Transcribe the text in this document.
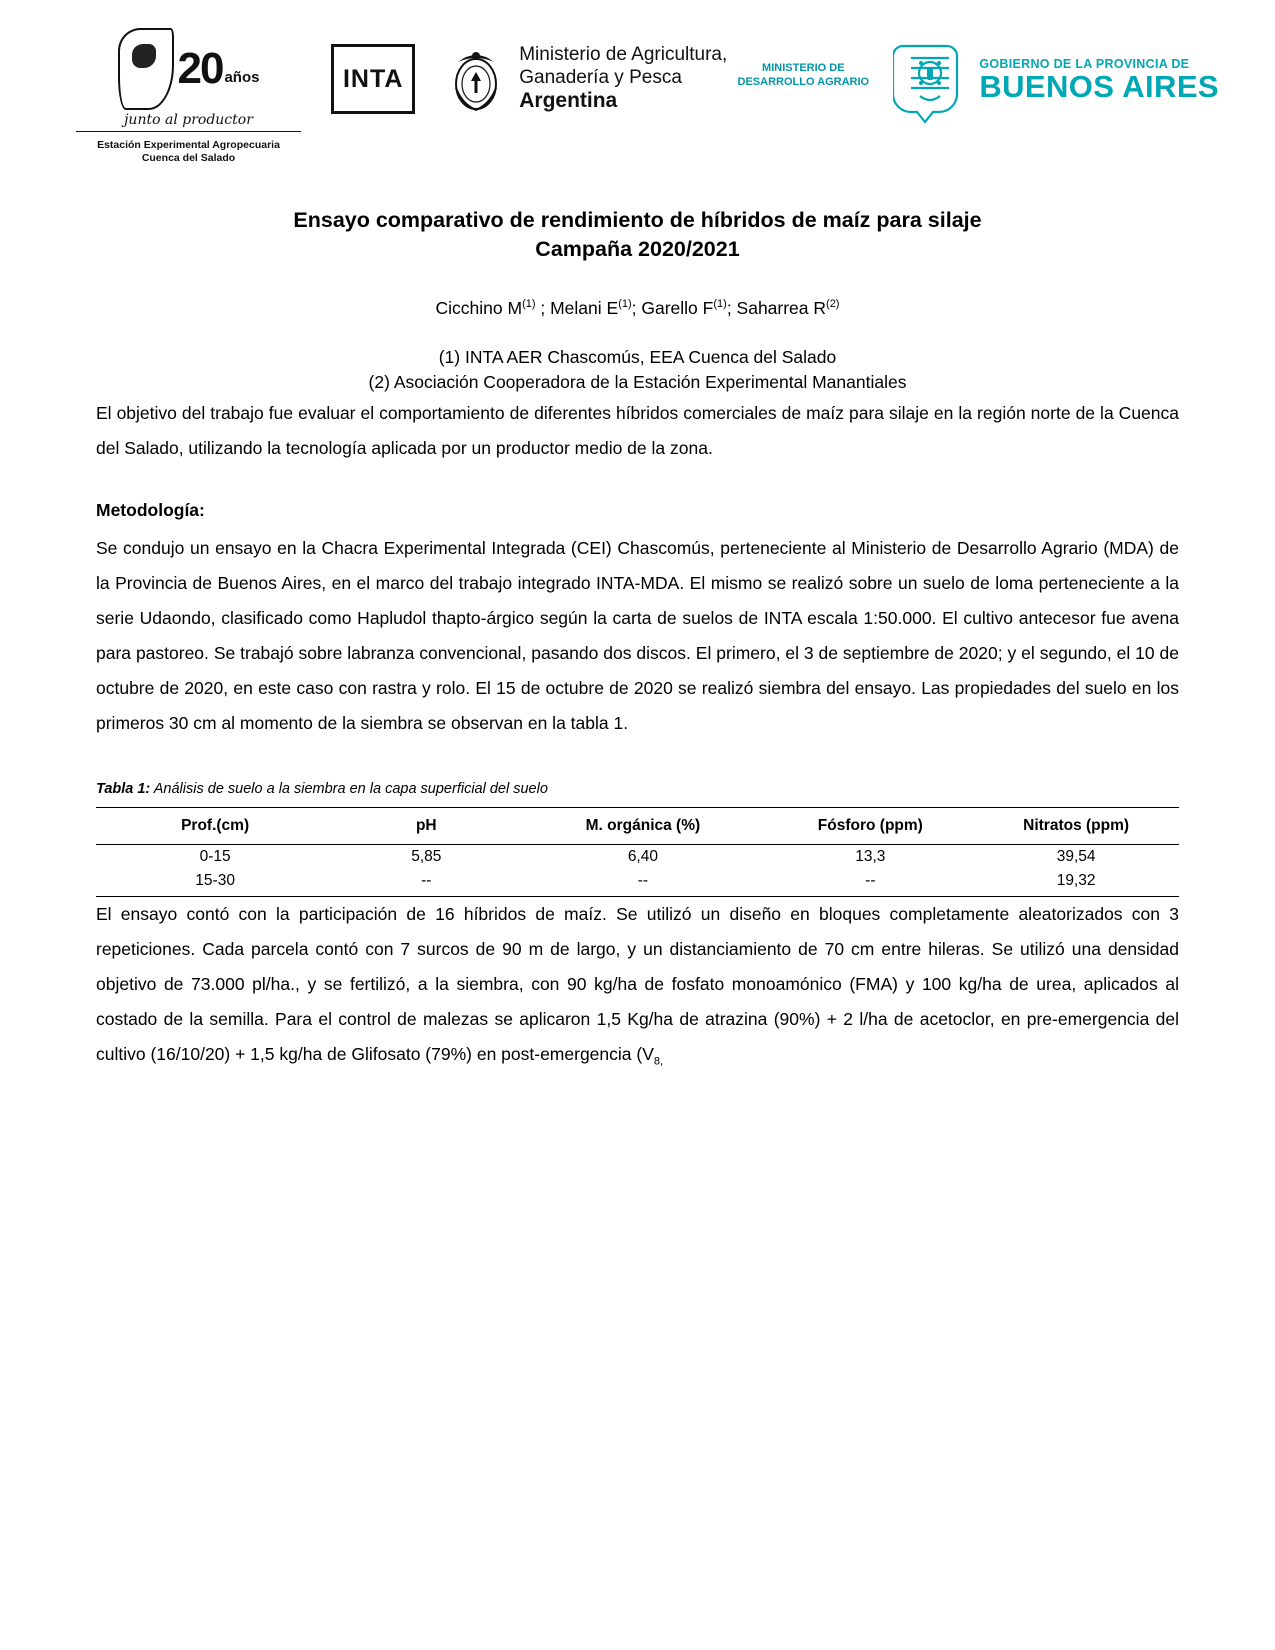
20 años
junto al productor
Estación Experimental Agropecuaria
Cuenca del Salado
INTA
Ministerio de Agricultura,
Ganadería y Pesca
Argentina
MINISTERIO DE
DESARROLLO AGRARIO
GOBIERNO DE LA PROVINCIA DE
BUENOS AIRES
Ensayo comparativo de rendimiento de híbridos de maíz para silaje
Campaña 2020/2021
Cicchino $M^{(1)}$ ; Melani $E^{(1)}$; Garello $F^{(1)}$; Saharrea $R^{(2)}$
(1) INTA AER Chascomús, EEA Cuenca del Salado
(2) Asociación Cooperadora de la Estación Experimental Manantiales

El objetivo del trabajo fue evaluar el comportamiento de diferentes híbridos comerciales de maíz para silaje en la región norte de la Cuenca del Salado, utilizando la tecnología aplicada por un productor medio de la zona.

Metodología:

Se condujo un ensayo en la Chacra Experimental Integrada (CEI) Chascomús, perteneciente al Ministerio de Desarrollo Agrario (MDA) de la Provincia de Buenos Aires, en el marco del trabajo integrado INTA-MDA. El mismo se realizó sobre un suelo de loma perteneciente a la serie Udaondo, clasificado como Hapludol thapto-árgico según la carta de suelos de INTA escala 1:50.000. El cultivo antecesor fue avena para pastoreo. Se trabajó sobre labranza convencional, pasando dos discos. El primero, el 3 de septiembre de 2020; y el segundo, el 10 de octubre de 2020, en este caso con rastra y rolo. El 15 de octubre de 2020 se realizó siembra del ensayo. Las propiedades del suelo en los primeros 30 cm al momento de la siembra se observan en la tabla 1.

Tabla 1: Análisis de suelo a la siembra en la capa superficial del suelo
Prof.(cm)	pH	M. orgánica (%)	Fósforo (ppm)	Nitratos (ppm)
0-15	5,85	6,40	13,3	39,54
15-30	--	--	--	19,32

El ensayo contó con la participación de 16 híbridos de maíz. Se utilizó un diseño en bloques completamente aleatorizados con 3 repeticiones. Cada parcela contó con 7 surcos de 90 m de largo, y un distanciamiento de 70 cm entre hileras. Se utilizó una densidad objetivo de 73.000 pl/ha., y se fertilizó, a la siembra, con 90 kg/ha de fosfato monoamónico (FMA) y 100 kg/ha de urea, aplicados al costado de la semilla. Para el control de malezas se aplicaron 1,5 Kg/ha de atrazina (90%) + 2 l/ha de acetoclor, en pre-emergencia del cultivo (16/10/20) + 1,5 kg/ha de Glifosato (79%) en post-emergencia ($V_{8,}$
